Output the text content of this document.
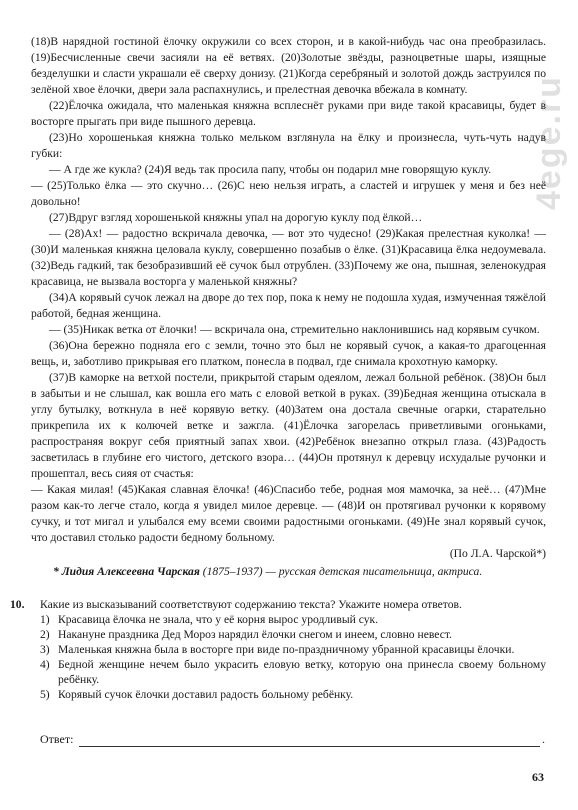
4ege.ru

(18)В нарядной гостиной ёлочку окружили со всех сторон, и в какой-нибудь час она преобразилась. (19)Бесчисленные свечи засияли на её ветвях. (20)Золотые звёзды, разноцветные шары, изящные безделушки и сласти украшали её сверху донизу. (21)Когда серебряный и золотой дождь заструился по зелёной хвое ёлочки, двери зала распахнулись, и прелестная девочка вбежала в комнату.

(22)Ёлочка ожидала, что маленькая княжна всплеснёт руками при виде такой красавицы, будет в восторге прыгать при виде пышного деревца.

(23)Но хорошенькая княжна только мельком взглянула на ёлку и произнесла, чуть-чуть надув губки:

— А где же кукла? (24)Я ведь так просила папу, чтобы он подарил мне говорящую куклу.

— (25)Только ёлка — это скучно… (26)С нею нельзя играть, а сластей и игрушек у меня и без неё довольно!

(27)Вдруг взгляд хорошенькой княжны упал на дорогую куклу под ёлкой…

— (28)Ах! — радостно вскричала девочка, — вот это чудесно! (29)Какая прелестная куколка! — (30)И маленькая княжна целовала куклу, совершенно позабыв о ёлке. (31)Красавица ёлка недоумевала. (32)Ведь гадкий, так безобразивший её сучок был отрублен. (33)Почему же она, пышная, зеленокудрая красавица, не вызвала восторга у маленькой княжны?

(34)А корявый сучок лежал на дворе до тех пор, пока к нему не подошла худая, измученная тяжёлой работой, бедная женщина.

— (35)Никак ветка от ёлочки! — вскричала она, стремительно наклонившись над корявым сучком.

(36)Она бережно подняла его с земли, точно это был не корявый сучок, а какая-то драгоценная вещь, и, заботливо прикрывая его платком, понесла в подвал, где снимала крохотную каморку.

(37)В каморке на ветхой постели, прикрытой старым одеялом, лежал больной ребёнок. (38)Он был в забытьи и не слышал, как вошла его мать с еловой веткой в руках. (39)Бедная женщина отыскала в углу бутылку, воткнула в неё корявую ветку. (40)Затем она достала свечные огарки, старательно прикрепила их к колючей ветке и зажгла. (41)Ёлочка загорелась приветливыми огоньками, распространяя вокруг себя приятный запах хвои. (42)Ребёнок внезапно открыл глаза. (43)Радость засветилась в глубине его чистого, детского взора… (44)Он протянул к деревцу исхудалые ручонки и прошептал, весь сияя от счастья:

— Какая милая! (45)Какая славная ёлочка! (46)Спасибо тебе, родная моя мамочка, за неё… (47)Мне разом как-то легче стало, когда я увидел милое деревце. — (48)И он протягивал ручонки к корявому сучку, и тот мигал и улыбался ему всеми своими радостными огоньками. (49)Не знал корявый сучок, что доставил столько радости бедному больному.

(По Л.А. Чарской*)
* Лидия Алексеевна Чарская (1875–1937) — русская детская писательница, актриса.
10.	Какие из высказываний соответствуют содержанию текста? Укажите номера ответов.
1) Красавица ёлочка не знала, что у её корня вырос уродливый сук.
2) Накануне праздника Дед Мороз нарядил ёлочки снегом и инеем, словно невест.
3) Маленькая княжна была в восторге при виде по-праздничному убранной красавицы ёлочки.
4) Бедной женщине нечем было украсить еловую ветку, которую она принесла своему больному ребёнку.
5) Корявый сучок ёлочки доставил радость больному ребёнку.
Ответ:	.
63
